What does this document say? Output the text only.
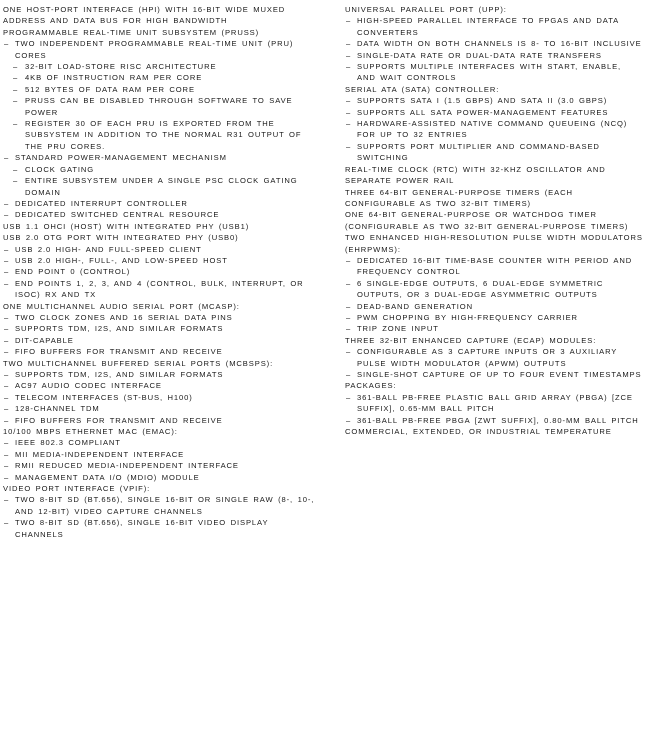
ONE HOST-PORT INTERFACE (HPI) WITH 16-BIT WIDE MUXED ADDRESS AND DATA BUS FOR HIGH BANDWIDTH
PROGRAMMABLE REAL-TIME UNIT SUBSYSTEM (PRUSS)
– TWO INDEPENDENT PROGRAMMABLE REAL-TIME UNIT (PRU) CORES
– 32-BIT LOAD-STORE RISC ARCHITECTURE
– 4KB OF INSTRUCTION RAM PER CORE
– 512 BYTES OF DATA RAM PER CORE
– PRUSS CAN BE DISABLED THROUGH SOFTWARE TO SAVE POWER
– REGISTER 30 OF EACH PRU IS EXPORTED FROM THE SUBSYSTEM IN ADDITION TO THE NORMAL R31 OUTPUT OF THE PRU CORES.
– STANDARD POWER-MANAGEMENT MECHANISM
– CLOCK GATING
– ENTIRE SUBSYSTEM UNDER A SINGLE PSC CLOCK GATING DOMAIN
– DEDICATED INTERRUPT CONTROLLER
– DEDICATED SWITCHED CENTRAL RESOURCE
USB 1.1 OHCI (HOST) WITH INTEGRATED PHY (USB1)
USB 2.0 OTG PORT WITH INTEGRATED PHY (USB0)
– USB 2.0 HIGH- AND FULL-SPEED CLIENT
– USB 2.0 HIGH-, FULL-, AND LOW-SPEED HOST
– END POINT 0 (CONTROL)
– END POINTS 1, 2, 3, AND 4 (CONTROL, BULK, INTERRUPT, OR ISOC) RX AND TX
ONE MULTICHANNEL AUDIO SERIAL PORT (MCASP):
– TWO CLOCK ZONES AND 16 SERIAL DATA PINS
– SUPPORTS TDM, I2S, AND SIMILAR FORMATS
– DIT-CAPABLE
– FIFO BUFFERS FOR TRANSMIT AND RECEIVE
TWO MULTICHANNEL BUFFERED SERIAL PORTS (MCBSPS):
– SUPPORTS TDM, I2S, AND SIMILAR FORMATS
– AC97 AUDIO CODEC INTERFACE
– TELECOM INTERFACES (ST-BUS, H100)
– 128-CHANNEL TDM
– FIFO BUFFERS FOR TRANSMIT AND RECEIVE
10/100 MBPS ETHERNET MAC (EMAC):
– IEEE 802.3 COMPLIANT
– MII MEDIA-INDEPENDENT INTERFACE
– RMII REDUCED MEDIA-INDEPENDENT INTERFACE
– MANAGEMENT DATA I/O (MDIO) MODULE
VIDEO PORT INTERFACE (VPIF):
– TWO 8-BIT SD (BT.656), SINGLE 16-BIT OR SINGLE RAW (8-, 10-, AND 12-BIT) VIDEO CAPTURE CHANNELS
– TWO 8-BIT SD (BT.656), SINGLE 16-BIT VIDEO DISPLAY CHANNELS
UNIVERSAL PARALLEL PORT (UPP):
– HIGH-SPEED PARALLEL INTERFACE TO FPGAS AND DATA CONVERTERS
– DATA WIDTH ON BOTH CHANNELS IS 8- TO 16-BIT INCLUSIVE
– SINGLE-DATA RATE OR DUAL-DATA RATE TRANSFERS
– SUPPORTS MULTIPLE INTERFACES WITH START, ENABLE, AND WAIT CONTROLS
SERIAL ATA (SATA) CONTROLLER:
– SUPPORTS SATA I (1.5 GBPS) AND SATA II (3.0 GBPS)
– SUPPORTS ALL SATA POWER-MANAGEMENT FEATURES
– HARDWARE-ASSISTED NATIVE COMMAND QUEUEING (NCQ) FOR UP TO 32 ENTRIES
– SUPPORTS PORT MULTIPLIER AND COMMAND-BASED SWITCHING
REAL-TIME CLOCK (RTC) WITH 32-KHZ OSCILLATOR AND SEPARATE POWER RAIL
THREE 64-BIT GENERAL-PURPOSE TIMERS (EACH CONFIGURABLE AS TWO 32-BIT TIMERS)
ONE 64-BIT GENERAL-PURPOSE OR WATCHDOG TIMER (CONFIGURABLE AS TWO 32-BIT GENERAL-PURPOSE TIMERS)
TWO ENHANCED HIGH-RESOLUTION PULSE WIDTH MODULATORS (EHRPWMS):
– DEDICATED 16-BIT TIME-BASE COUNTER WITH PERIOD AND FREQUENCY CONTROL
– 6 SINGLE-EDGE OUTPUTS, 6 DUAL-EDGE SYMMETRIC OUTPUTS, OR 3 DUAL-EDGE ASYMMETRIC OUTPUTS
– DEAD-BAND GENERATION
– PWM CHOPPING BY HIGH-FREQUENCY CARRIER
– TRIP ZONE INPUT
THREE 32-BIT ENHANCED CAPTURE (ECAP) MODULES:
– CONFIGURABLE AS 3 CAPTURE INPUTS OR 3 AUXILIARY PULSE WIDTH MODULATOR (APWM) OUTPUTS
– SINGLE-SHOT CAPTURE OF UP TO FOUR EVENT TIMESTAMPS
PACKAGES:
– 361-BALL PB-FREE PLASTIC BALL GRID ARRAY (PBGA) [ZCE SUFFIX], 0.65-MM BALL PITCH
– 361-BALL PB-FREE PBGA [ZWT SUFFIX], 0.80-MM BALL PITCH
COMMERCIAL, EXTENDED, OR INDUSTRIAL TEMPERATURE
